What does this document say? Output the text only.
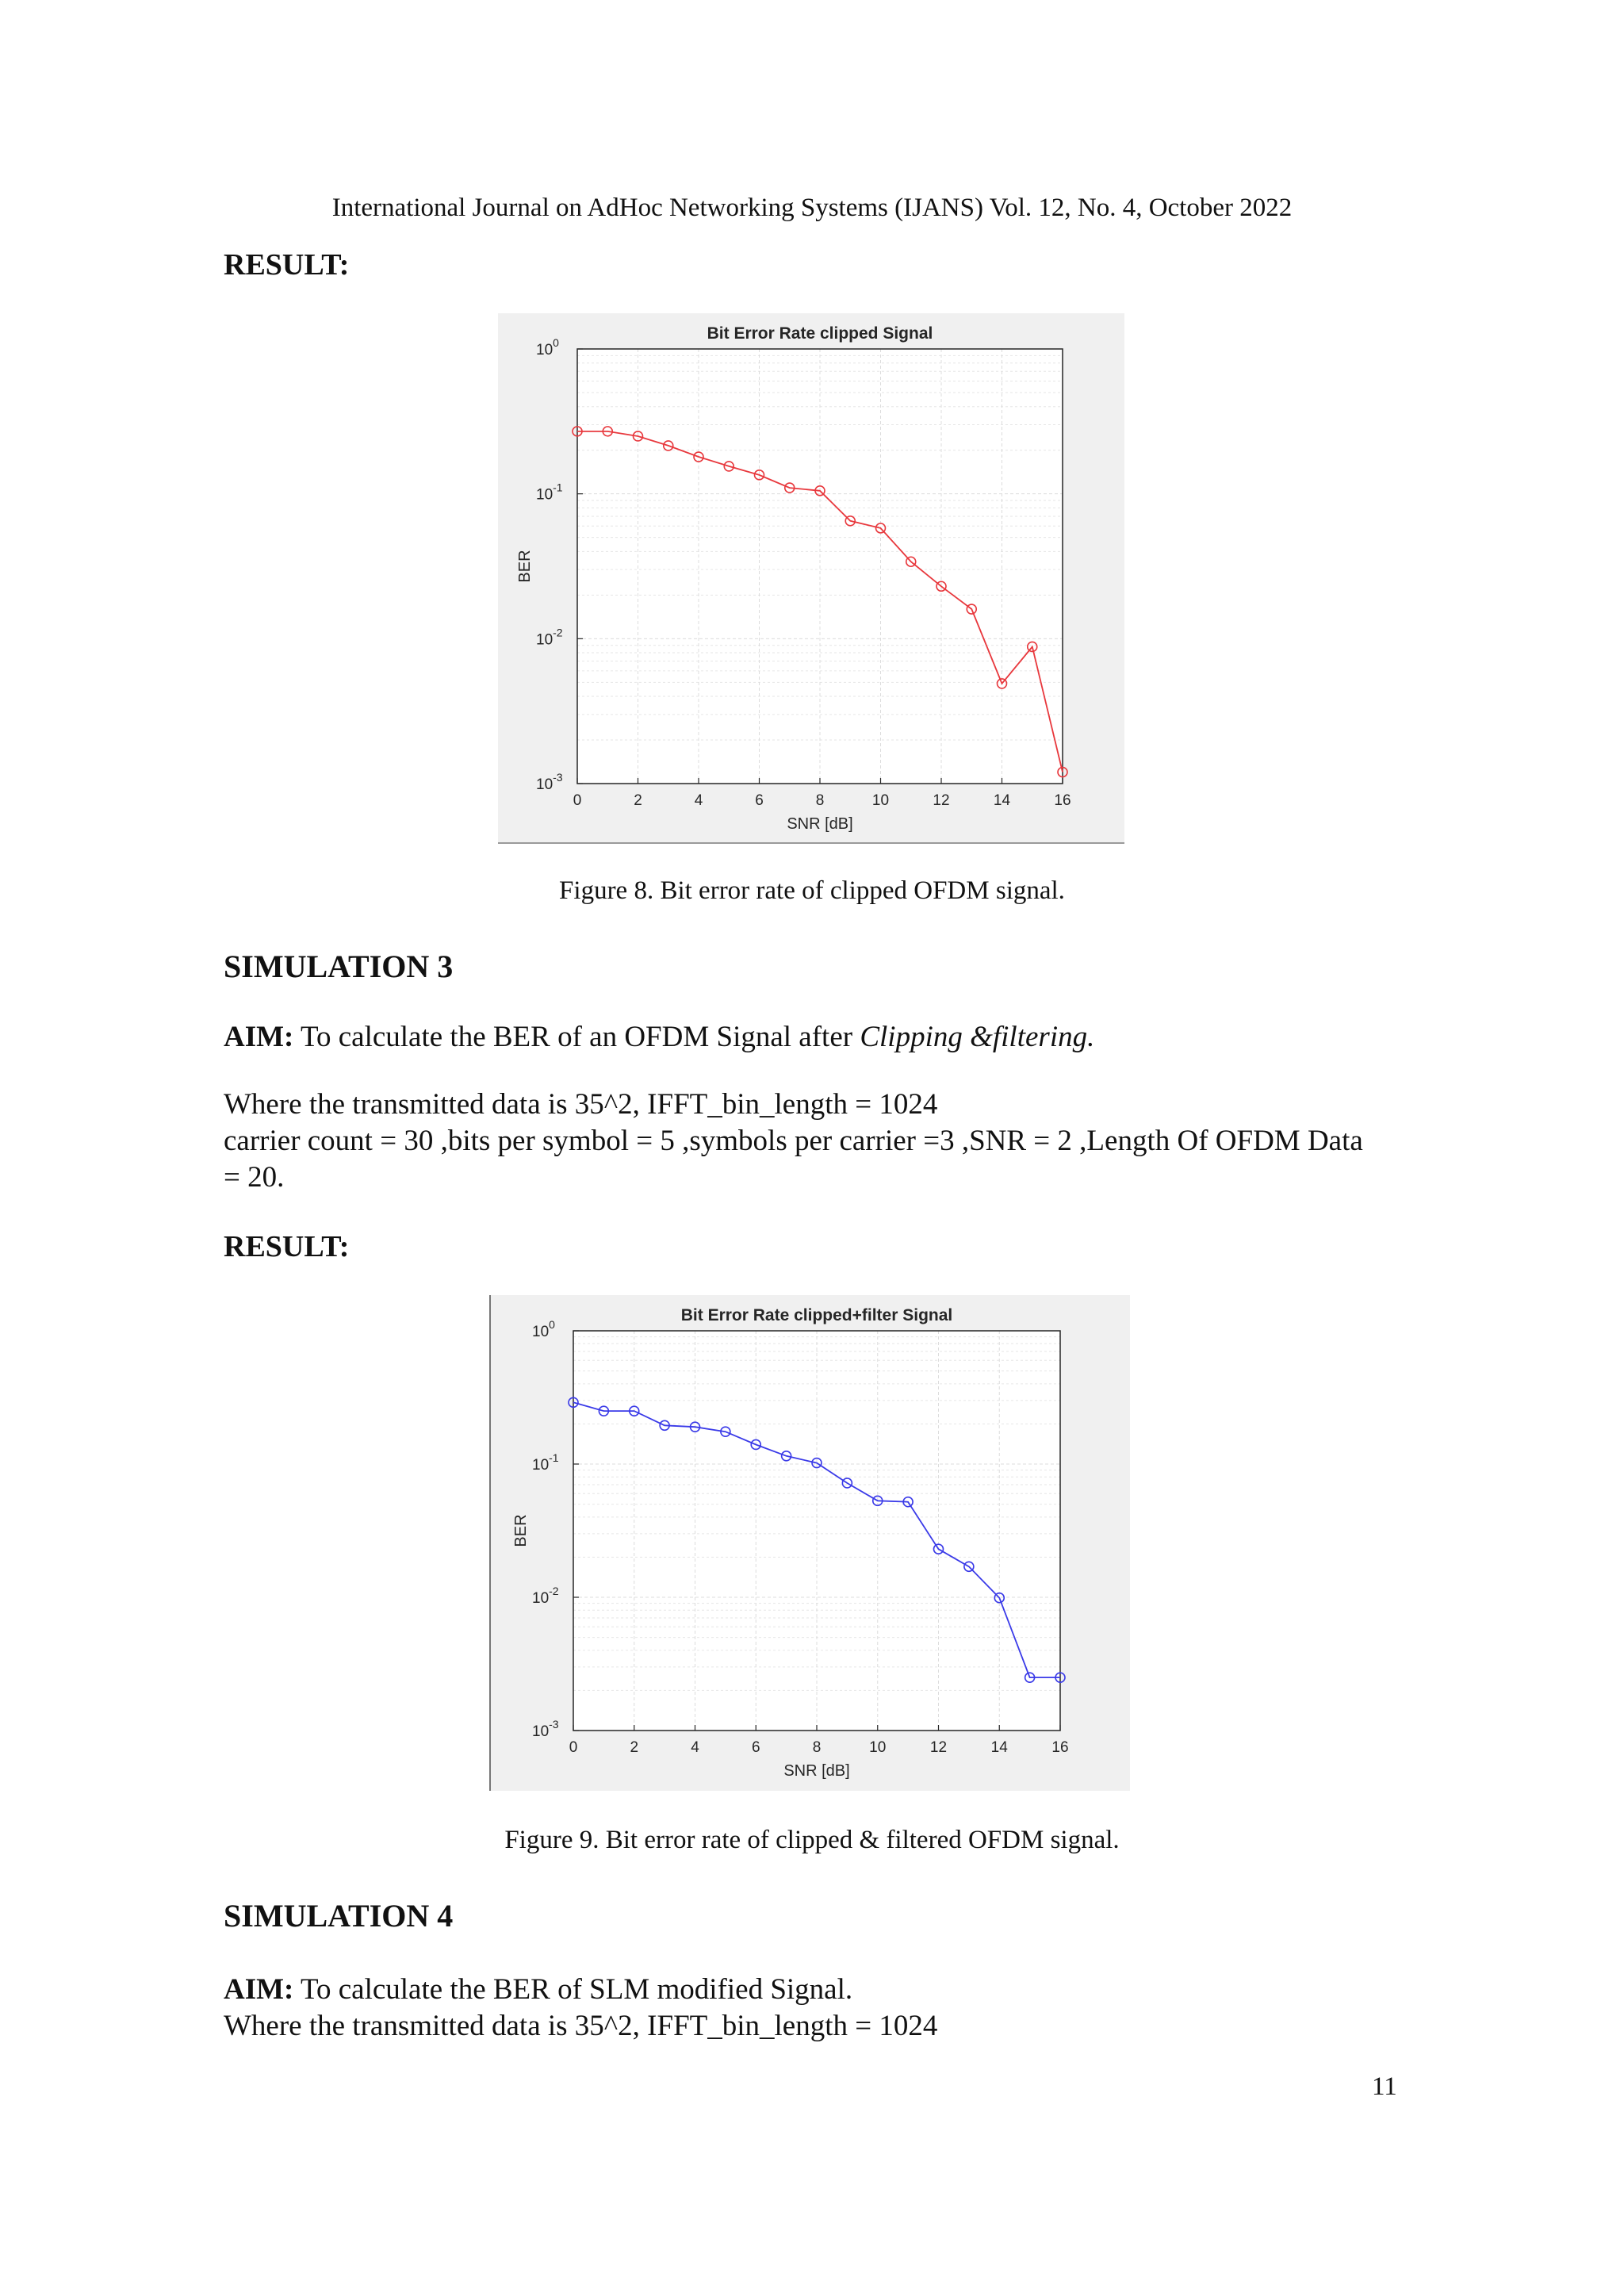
International Journal on AdHoc Networking Systems (IJANS) Vol. 12, No. 4, October 2022
RESULT:
0	2	4	6	8	10	12	14	16
$10^0$
$10^{-1}$
$10^{-2}$
$10^{-3}$
Bit Error Rate clipped Signal
SNR [dB]
BER
Figure 8. Bit error rate of clipped OFDM signal.
SIMULATION 3
AIM: To calculate the BER of an OFDM Signal after Clipping &filtering.
Where the transmitted data is 35^2, IFFT_bin_length = 1024
carrier count = 30 ,bits per symbol = 5 ,symbols per carrier =3 ,SNR = 2 ,Length Of OFDM Data
= 20.
RESULT:
0	2	4	6	8	10	12	14	16
$10^0$
$10^{-1}$
$10^{-2}$
$10^{-3}$
Bit Error Rate clipped+filter Signal
SNR [dB]
BER
Figure 9. Bit error rate of clipped & filtered OFDM signal.
SIMULATION 4
AIM: To calculate the BER of SLM modified Signal.
Where the transmitted data is 35^2, IFFT_bin_length = 1024
11
